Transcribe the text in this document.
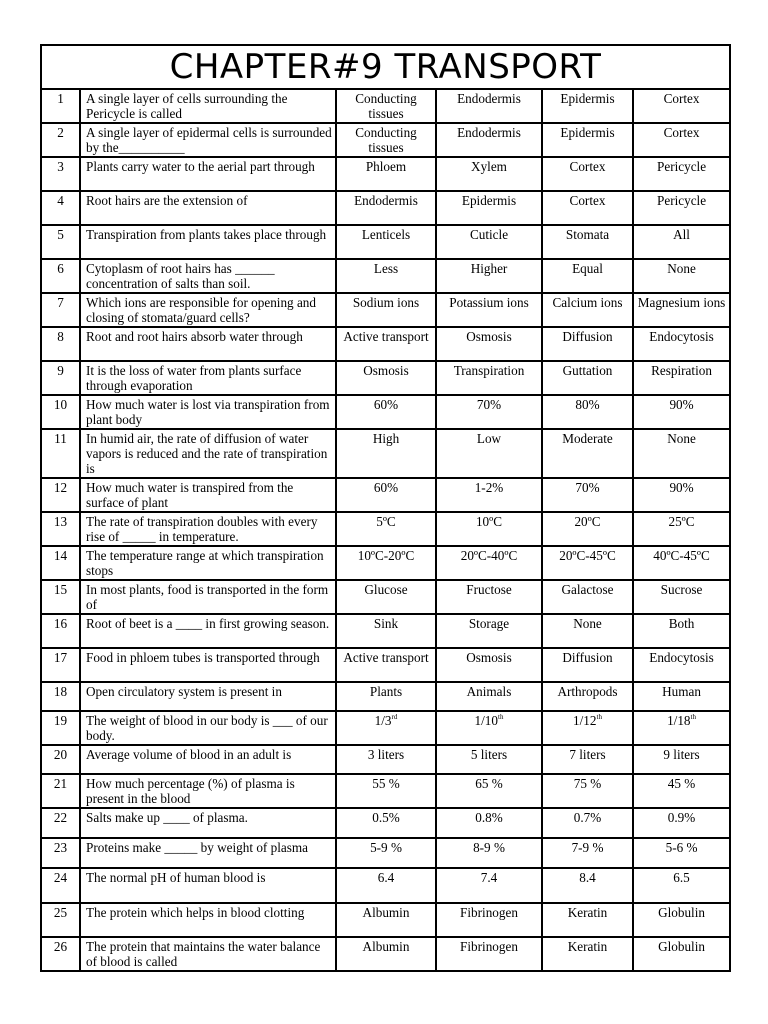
CHAPTER#9 TRANSPORT					
1	A single layer of cells surrounding the Pericycle is called	Conducting tissues	Endodermis	Epidermis	Cortex
2	A single layer of epidermal cells is surrounded by the__________	Conducting tissues	Endodermis	Epidermis	Cortex
3	Plants carry water to the aerial part through	Phloem	Xylem	Cortex	Pericycle
4	Root hairs are the extension of	Endodermis	Epidermis	Cortex	Pericycle
5	Transpiration from plants takes place through	Lenticels	Cuticle	Stomata	All
6	Cytoplasm of root hairs has ______ concentration of salts than soil.	Less	Higher	Equal	None
7	Which ions are responsible for opening and closing of stomata/guard cells?	Sodium ions	Potassium ions	Calcium ions	Magnesium ions
8	Root and root hairs absorb water through	Active transport	Osmosis	Diffusion	Endocytosis
9	It is the loss of water from plants surface through evaporation	Osmosis	Transpiration	Guttation	Respiration
10	How much water is lost via transpiration from plant body	60%	70%	80%	90%
11	In humid air, the rate of diffusion of water vapors is reduced and the rate of transpiration is	High	Low	Moderate	None
12	How much water is transpired from the surface of plant	60%	1-2%	70%	90%
13	The rate of transpiration doubles with every rise of _____ in temperature.	5ºC	10ºC	20ºC	25ºC
14	The temperature range at which transpiration stops	10ºC-20ºC	20ºC-40ºC	20ºC-45ºC	40ºC-45ºC
15	In most plants, food is transported in the form of	Glucose	Fructose	Galactose	Sucrose
16	Root of beet is a ____ in first growing season.	Sink	Storage	None	Both
17	Food in phloem tubes is transported through	Active transport	Osmosis	Diffusion	Endocytosis
18	Open circulatory system is present in	Plants	Animals	Arthropods	Human
19	The weight of blood in our body is ___ of our body.	1/3rd	1/10th	1/12th	1/18th
20	Average volume of blood in an adult is	3 liters	5 liters	7 liters	9 liters
21	How much percentage (%) of plasma is present in the blood	55 %	65 %	75 %	45 %
22	Salts make up ____ of plasma.	0.5%	0.8%	0.7%	0.9%
23	Proteins make _____ by weight of plasma	5-9 %	8-9 %	7-9 %	5-6 %
24	The normal pH of human blood is	6.4	7.4	8.4	6.5
25	The protein which helps in blood clotting	Albumin	Fibrinogen	Keratin	Globulin
26	The protein that maintains the water balance of blood is called	Albumin	Fibrinogen	Keratin	Globulin
